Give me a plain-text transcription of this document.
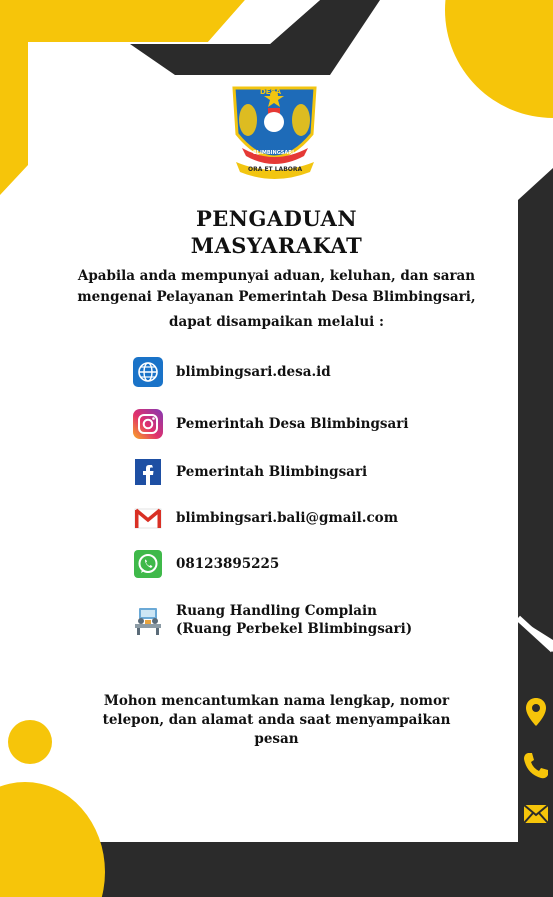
DESA
BLIMBINGSARI
ORA ET LABORA
PENGADUAN
MASYARAKAT
Apabila anda mempunyai aduan, keluhan, dan saran
mengenai Pelayanan Pemerintah Desa Blimbingsari,
dapat disampaikan melalui :
blimbingsari.desa.id
Pemerintah Desa Blimbingsari
Pemerintah Blimbingsari
blimbingsari.bali@gmail.com
08123895225
Ruang Handling Complain
(Ruang Perbekel Blimbingsari)
Mohon mencantumkan nama lengkap, nomor
telepon, dan alamat anda saat menyampaikan
pesan
